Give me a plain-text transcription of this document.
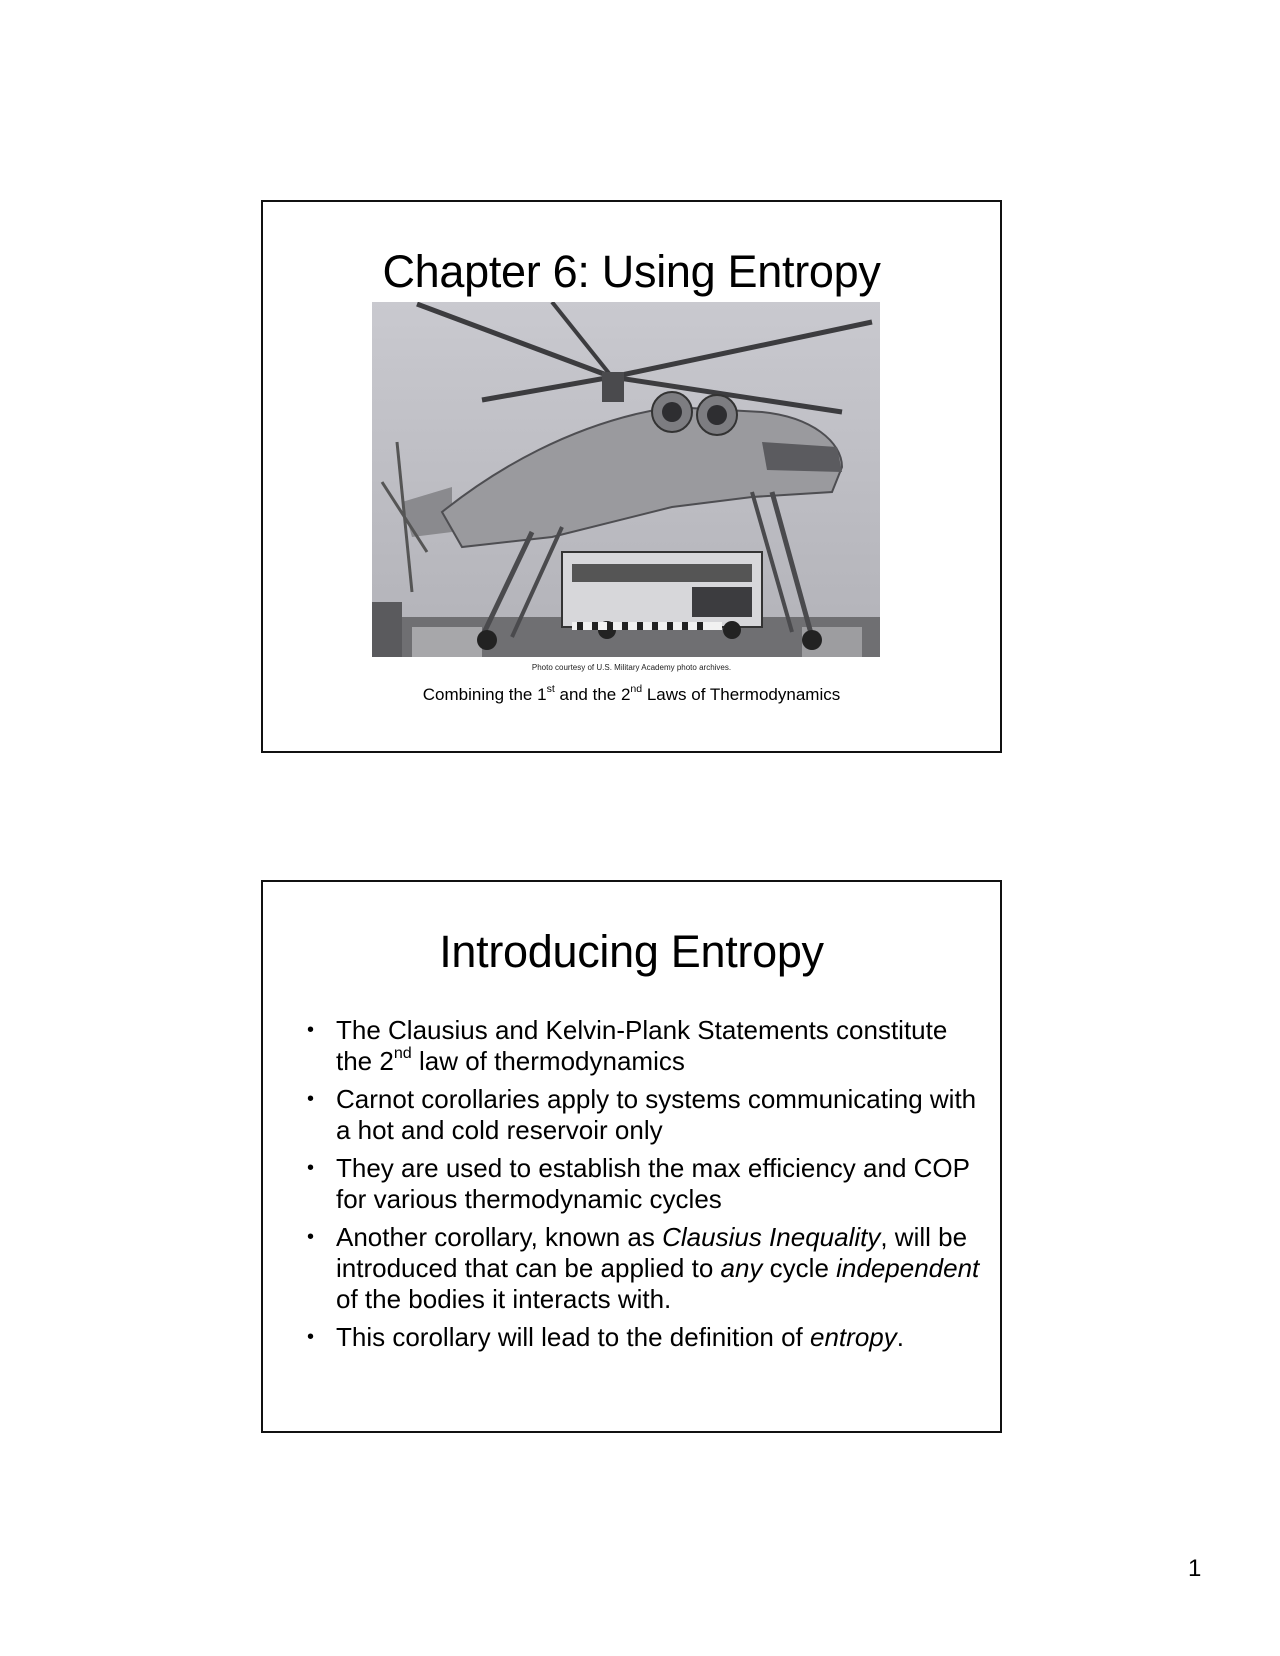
Chapter 6: Using Entropy
Photo courtesy of U.S. Military Academy photo archives.
Combining the 1st and the 2nd Laws of Thermodynamics
Introducing Entropy
• The Clausius and Kelvin-Plank Statements constitute the 2nd law of thermodynamics
• Carnot corollaries apply to systems communicating with a hot and cold reservoir only
• They are used to establish the max efficiency and COP for various thermodynamic cycles
• Another corollary, known as Clausius Inequality, will be introduced that can be applied to any cycle independent of the bodies it interacts with.
• This corollary will lead to the definition of entropy.
1
